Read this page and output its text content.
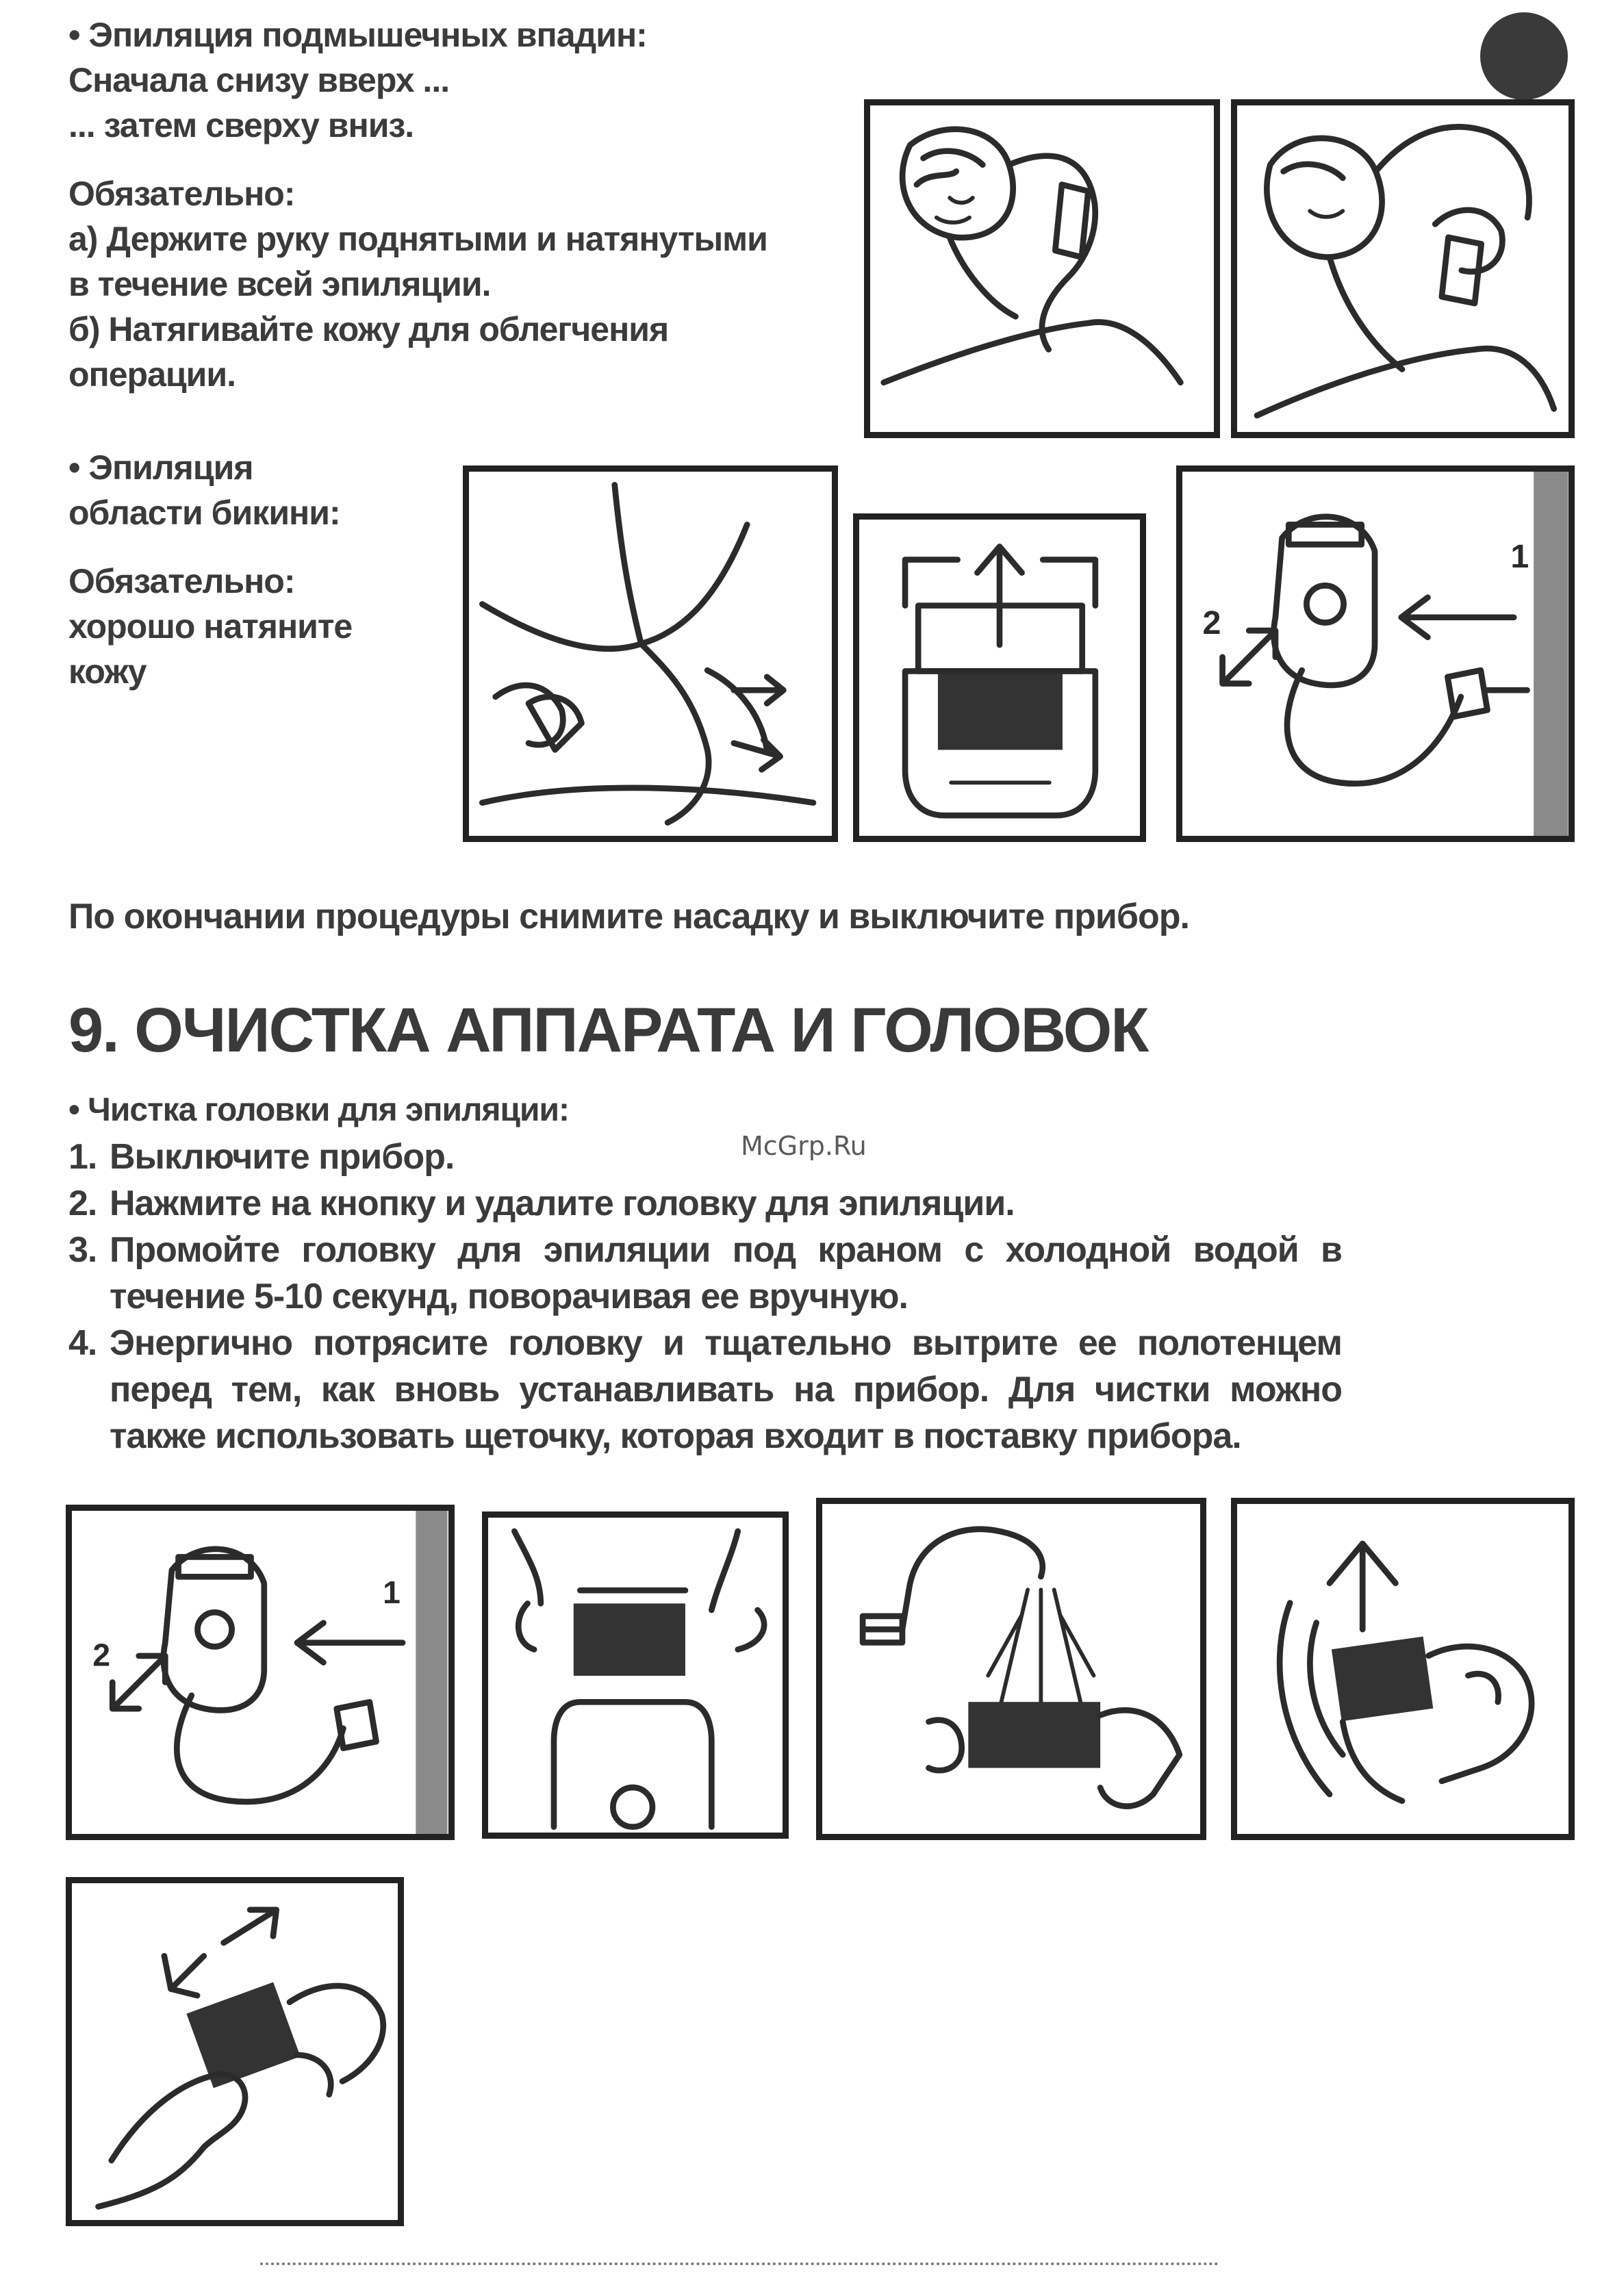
• Эпиляция подмышечных впадин:
Сначала снизу вверх ...
... затем сверху вниз.
Обязательно:
а) Держите руку поднятыми и натянутыми
в течение всей эпиляции.
б) Натягивайте кожу для облегчения
операции.
• Эпиляция
области бикини:
Обязательно:
хорошо натяните
кожу
1
2
По окончании процедуры снимите насадку и выключите прибор.
9. ОЧИСТКА АППАРАТА И ГОЛОВОК
• Чистка головки для эпиляции:
McGrp.Ru
1. Выключите прибор.
2. Нажмите на кнопку и удалите головку для эпиляции.
3. Промойте головку для эпиляции под краном с холодной водой в течение 5-10 секунд, поворачивая ее вручную.
4. Энергично потрясите головку и тщательно вытрите ее полотенцем перед тем, как вновь устанавливать на прибор. Для чистки можно также использовать щеточку, которая входит в поставку прибора.
1
2
